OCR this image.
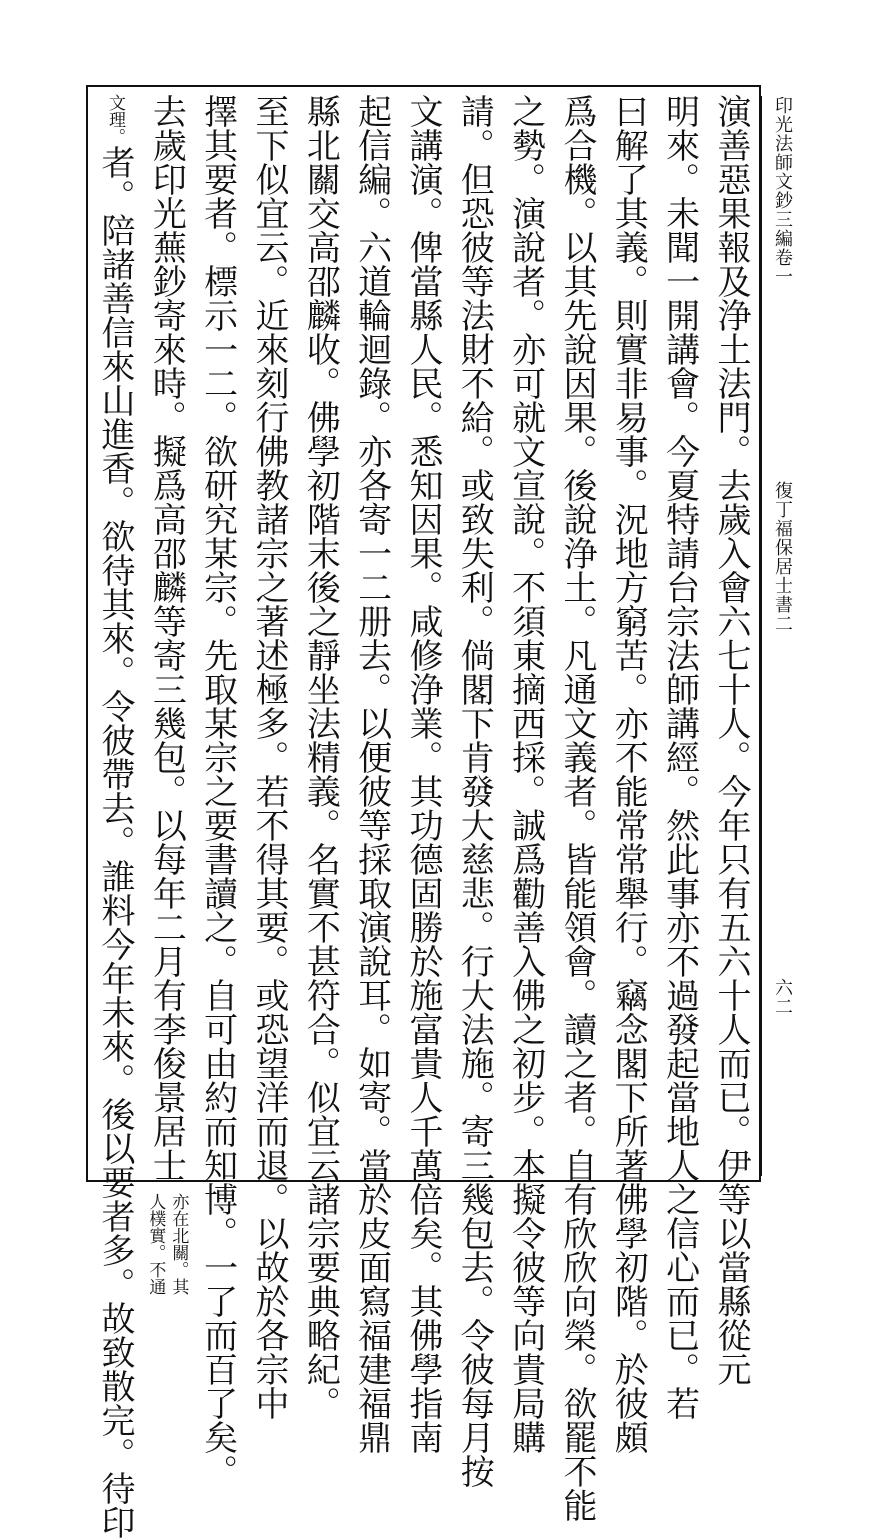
印光法師文鈔三編卷一
復丁福保居士書二
六二
演善惡果報及浄土法門。去歲入會六七十人。今年只有五六十人而已。伊等以當縣從元
明來。未聞一開講會。今夏特請台宗法師講經。然此事亦不過發起當地人之信心而已。若
曰解了其義。則實非易事。況地方窮苦。亦不能常常舉行。竊念閣下所著佛學初階。於彼頗
爲合機。以其先說因果。後說浄土。凡通文義者。皆能領會。讀之者。自有欣欣向榮。欲罷不能
之勢。演說者。亦可就文宣說。不須東摘西採。誠爲勸善入佛之初步。本擬令彼等向貴局購
請。但恐彼等法財不給。或致失利。倘閣下肯發大慈悲。行大法施。寄三幾包去。令彼每月按
文講演。俾當縣人民。悉知因果。咸修浄業。其功德固勝於施富貴人千萬倍矣。其佛學指南
起信編。六道輪迴錄。亦各寄一二册去。以便彼等採取演說耳。如寄。當於皮面寫福建福鼎
縣北關交高邵麟收。佛學初階末後之靜坐法精義。名實不甚符合。似宜云諸宗要典略紀。
至下似宜云。近來刻行佛教諸宗之著述極多。若不得其要。或恐望洋而退。以故於各宗中
擇其要者。標示一二。欲研究某宗。先取某宗之要書讀之。自可由約而知博。一了而百了矣。
去歲印光蕪鈔寄來時。擬爲高邵麟等寄三幾包。以每年二月有李俊景居士
亦在北關。其
人樸實。不通
文理。者。陪諸善信來山進香。欲待其來。令彼帶去。誰料今年未來。後以要者多。故致散完。待印
